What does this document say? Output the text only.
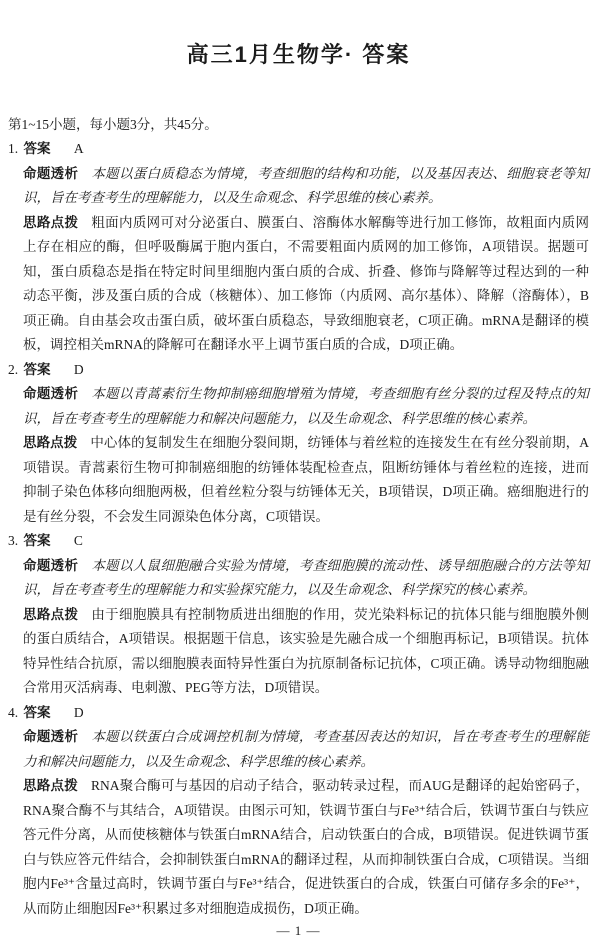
高三1月生物学· 答案
第1~15小题，每小题3分，共45分。
1. 答案 A

命题透析 本题以蛋白质稳态为情境，考查细胞的结构和功能，以及基因表达、细胞衰老等知识，旨在考查考生的理解能力，以及生命观念、科学思维的核心素养。

思路点拨 粗面内质网可对分泌蛋白、膜蛋白、溶酶体水解酶等进行加工修饰，故粗面内质网上存在相应的酶，但呼吸酶属于胞内蛋白，不需要粗面内质网的加工修饰，A项错误。据题可知，蛋白质稳态是指在特定时间里细胞内蛋白质的合成、折叠、修饰与降解等过程达到的一种动态平衡，涉及蛋白质的合成（核糖体）、加工修饰（内质网、高尔基体）、降解（溶酶体），B项正确。自由基会攻击蛋白质，破坏蛋白质稳态，导致细胞衰老，C项正确。mRNA是翻译的模板，调控相关mRNA的降解可在翻译水平上调节蛋白质的合成，D项正确。

2. 答案 D

命题透析 本题以青蒿素衍生物抑制癌细胞增殖为情境，考查细胞有丝分裂的过程及特点的知识，旨在考查考生的理解能力和解决问题能力，以及生命观念、科学思维的核心素养。

思路点拨 中心体的复制发生在细胞分裂间期，纺锤体与着丝粒的连接发生在有丝分裂前期，A项错误。青蒿素衍生物可抑制癌细胞的纺锤体装配检查点，阻断纺锤体与着丝粒的连接，进而抑制子染色体移向细胞两极，但着丝粒分裂与纺锤体无关，B项错误，D项正确。癌细胞进行的是有丝分裂，不会发生同源染色体分离，C项错误。

3. 答案 C

命题透析 本题以人鼠细胞融合实验为情境，考查细胞膜的流动性、诱导细胞融合的方法等知识，旨在考查考生的理解能力和实验探究能力，以及生命观念、科学探究的核心素养。

思路点拨 由于细胞膜具有控制物质进出细胞的作用，荧光染料标记的抗体只能与细胞膜外侧的蛋白质结合，A项错误。根据题干信息，该实验是先融合成一个细胞再标记，B项错误。抗体特异性结合抗原，需以细胞膜表面特异性蛋白为抗原制备标记抗体，C项正确。诱导动物细胞融合常用灭活病毒、电刺激、PEG等方法，D项错误。

4. 答案 D

命题透析 本题以铁蛋白合成调控机制为情境，考查基因表达的知识，旨在考查考生的理解能力和解决问题能力，以及生命观念、科学思维的核心素养。

思路点拨 RNA聚合酶可与基因的启动子结合，驱动转录过程，而AUG是翻译的起始密码子，RNA聚合酶不与其结合，A项错误。由图示可知，铁调节蛋白与Fe³⁺结合后，铁调节蛋白与铁应答元件分离，从而使核糖体与铁蛋白mRNA结合，启动铁蛋白的合成，B项错误。促进铁调节蛋白与铁应答元件结合，会抑制铁蛋白mRNA的翻译过程，从而抑制铁蛋白合成，C项错误。当细胞内Fe³⁺含量过高时，铁调节蛋白与Fe³⁺结合，促进铁蛋白的合成，铁蛋白可储存多余的Fe³⁺，从而防止细胞因Fe³⁺积累过多对细胞造成损伤，D项正确。

— 1 —
